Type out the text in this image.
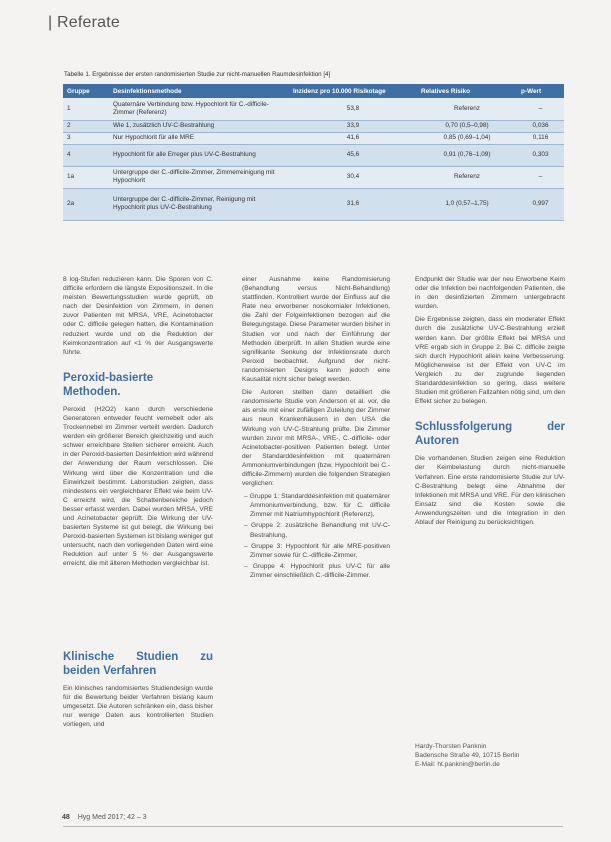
| Referate
Tabelle 1. Ergebnisse der ersten randomisierten Studie zur nicht-manuellen Raumdesinfektion [4]
Gruppe	Desinfektionsmethode	Inzidenz pro 10.000 Risikotage	Relatives Risiko	p-Wert
1	Quaternäre Verbindung bzw. Hypochlorit für C.-difficile-Zimmer (Referenz)	53,8	Referenz	–
2	Wie 1, zusätzlich UV-C-Bestrahlung	33,9	0,70 (0,5–0,98)	0,036
3	Nur Hypochlorit für alle MRE	41,6	0,85 (0,69–1,04)	0,116
4	Hypochlorit für alle Erreger plus UV-C-Bestrahlung	45,6	0,91 (0,76–1,09)	0,303
1a	Untergruppe der C.-difficile-Zimmer, Zimmerreinigung mit Hypochlorit	30,4	Referenz	–
2a	Untergruppe der C.-difficile-Zimmer, Reinigung mit Hypochlorit plus UV-C-Bestrahlung	31,6	1,0 (0,57–1,75)	0,997

8 log-Stufen reduzieren kann. Die Sporen von C. difficile erfordern die längste Expositionszeit. In die meisten Bewertungsstudien wurde geprüft, ob nach der Desinfektion von Zimmern, in denen zuvor Patienten mit MRSA, VRE, Acinetobacter oder C. difficile gelegen hatten, die Kontamination reduziert wurde und ob die Reduktion der Keimkonzentration auf <1 % der Ausgangswerte führte.

Peroxid-basierte Methoden.

Peroxid (H2O2) kann durch verschiedene Generatoren entweder feucht vernebelt oder als Trockennebel im Zimmer verteilt werden. Dadurch werden ein größerer Bereich gleichzeitig und auch schwer erreichbare Stellen sicherer erreicht. Auch in der Peroxid-basierten Desinfektion wird während der Anwendung der Raum verschlossen. Die Wirkung wird über die Konzentration und die Einwirkzeit bestimmt. Laborstudien zeigten, dass mindestens ein vergleichbarer Effekt wie beim UV-C erreicht wird, die Schattenbereiche jedoch besser erfasst werden. Dabei wurden MRSA, VRE und Acinetobacter geprüft. Die Wirkung der UV-basierten Systeme ist gut belegt, die Wirkung bei Peroxid-basierten Systemen ist bislang weniger gut untersucht, nach den vorliegenden Daten wird eine Reduktion auf unter 5 % der Ausgangswerte erreicht, die mit älteren Methoden vergleichbar ist.

Klinische Studien zu beiden Verfahren

Ein klinisches randomisiertes Studiendesign wurde für die Bewertung beider Verfahren bislang kaum umgesetzt. Die Autoren schränken ein, dass bisher nur wenige Daten aus kontrollierten Studien vorliegen, und

einer Ausnahme keine Randomisierung (Behandlung versus Nicht-Behandlung) stattfinden. Kontrolliert wurde der Einfluss auf die Rate neu erworbener nosokomialer Infektionen, die Zahl der Folgeinfektionen bezogen auf die Belegungstage. Diese Parameter wurden bisher in Studien vor und nach der Einführung der Methoden überprüft. In allen Studien wurde eine signifikante Senkung der Infektionsrate durch Peroxid beobachtet. Aufgrund der nicht-randomisierten Designs kann jedoch eine Kausalität nicht sicher belegt werden.

Die Autoren stellten dann detailliert die randomisierte Studie von Anderson et al. vor, die als erste mit einer zufälligen Zuteilung der Zimmer aus neun Krankenhäusern in den USA die Wirkung von UV-C-Strahlung prüfte. Die Zimmer wurden zuvor mit MRSA-, VRE-, C.-difficile- oder Acinetobacter-positiven Patienten belegt. Unter der Standarddesinfektion mit quaternären Ammoniumverbindungen (bzw. Hypochlorit bei C.-difficile-Zimmern) wurden die folgenden Strategien verglichen:

– Gruppe 1: Standarddesinfektion mit quaternärer Ammoniumverbindung, bzw. für C. difficile Zimmer mit Natriumhypochlorit (Referenz),
– Gruppe 2: zusätzliche Behandlung mit UV-C-Bestrahlung,
– Gruppe 3: Hypochlorit für alle MRE-positiven Zimmer sowie für C.-difficile-Zimmer,
– Gruppe 4: Hypochlorit plus UV-C für alle Zimmer einschließlich C.-difficile-Zimmer.

Endpunkt der Studie war der neu Erworbene Keim oder die Infektion bei nachfolgenden Patienten, die in den desinfizierten Zimmern untergebracht wurden.

Die Ergebnisse zeigten, dass ein moderater Effekt durch die zusätzliche UV-C-Bestrahlung erzielt werden kann. Der größte Effekt bei MRSA und VRE ergab sich in Gruppe 2. Bei C. difficile zeigte sich durch Hypochlorit allein keine Verbesserung. Möglicherweise ist der Effekt von UV-C im Vergleich zu der zugrunde liegenden Standarddesinfektion so gering, dass weitere Studien mit größeren Fallzahlen nötig sind, um den Effekt sicher zu belegen.

Schlussfolgerung der Autoren

Die vorhandenen Studien zeigen eine Reduktion der Keimbelastung durch nicht-manuelle Verfahren. Eine erste randomisierte Studie zur UV-C-Bestrahlung belegt eine Abnahme der Infektionen mit MRSA und VRE. Für den klinischen Einsatz sind die Kosten sowie die Anwendungszeiten und die Integration in den Ablauf der Reinigung zu berücksichtigen.

Hardy-Thorsten Panknin
Badensche Straße 49, 10715 Berlin
E-Mail: ht.panknin@berlin.de
48 Hyg Med 2017; 42 – 3
